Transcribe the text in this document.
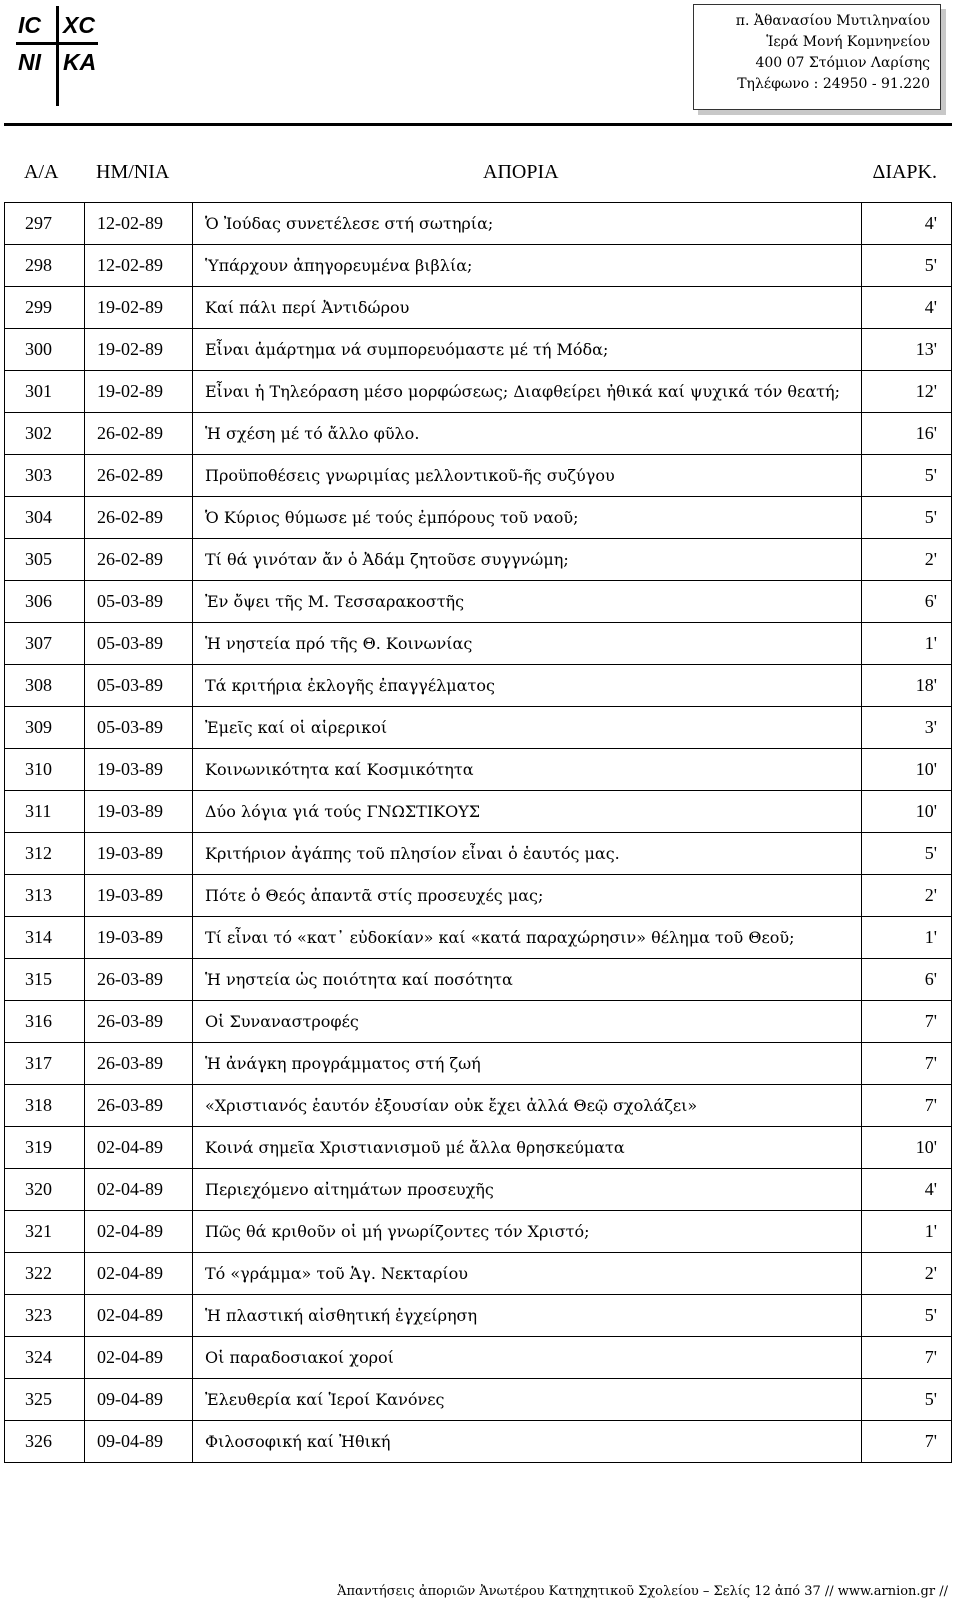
IC XC
NI KA
π. Ἀθανασίου Μυτιληναίου
Ἱερά Μονή Κομνηνείου
400 07 Στόμιον Λαρίσης
Τηλέφωνο : 24950 - 91.220
Α/Α ΗΜ/ΝΙΑ	ΑΠΟΡΙΑ	ΔΙΑΡΚ.
297	12-02-89	Ὁ Ἰούδας συνετέλεσε στή σωτηρία;	4'
298	12-02-89	Ὑπάρχουν ἀπηγορευμένα βιβλία;	5'
299	19-02-89	Καί πάλι περί Ἀντιδώρου	4'
300	19-02-89	Εἶναι ἁμάρτημα νά συμπορευόμαστε μέ τή Μόδα;	13'
301	19-02-89	Εἶναι ἡ Τηλεόραση μέσο μορφώσεως; Διαφθείρει ἠθικά καί ψυχικά τόν θεατή;	12'
302	26-02-89	Ἡ σχέση μέ τό ἄλλο φῦλο.	16'
303	26-02-89	Προϋποθέσεις γνωριμίας μελλοντικοῦ-ῆς συζύγου	5'
304	26-02-89	Ὁ Κύριος θύμωσε μέ τούς ἐμπόρους τοῦ ναοῦ;	5'
305	26-02-89	Τί θά γινόταν ἄν ὁ Ἀδάμ ζητοῦσε συγγνώμη;	2'
306	05-03-89	Ἐν ὄψει τῆς Μ. Τεσσαρακοστῆς	6'
307	05-03-89	Ἡ νηστεία πρό τῆς Θ. Κοινωνίας	1'
308	05-03-89	Τά κριτήρια ἐκλογῆς ἐπαγγέλματος	18'
309	05-03-89	Ἐμεῖς καί οἱ αἱρερικοί	3'
310	19-03-89	Κοινωνικότητα καί Κοσμικότητα	10'
311	19-03-89	Δύο λόγια γιά τούς ΓΝΩΣΤΙΚΟΥΣ	10'
312	19-03-89	Κριτήριον ἀγάπης τοῦ πλησίον εἶναι ὁ ἑαυτός μας.	5'
313	19-03-89	Πότε ὁ Θεός ἀπαντᾶ στίς προσευχές μας;	2'
314	19-03-89	Τί εἶναι τό «κατ᾽ εὐδοκίαν» καί «κατά παραχώρησιν» θέλημα τοῦ Θεοῦ;	1'
315	26-03-89	Ἡ νηστεία ὡς ποιότητα καί ποσότητα	6'
316	26-03-89	Οἱ Συναναστροφές	7'
317	26-03-89	Ἡ ἀνάγκη προγράμματος στή ζωή	7'
318	26-03-89	«Χριστιανός ἑαυτόν ἐξουσίαν οὐκ ἔχει ἀλλά Θεῷ σχολάζει»	7'
319	02-04-89	Κοινά σημεῖα Χριστιανισμοῦ μέ ἄλλα θρησκεύματα	10'
320	02-04-89	Περιεχόμενο αἰτημάτων προσευχῆς	4'
321	02-04-89	Πῶς θά κριθοῦν οἱ μή γνωρίζοντες τόν Χριστό;	1'
322	02-04-89	Τό «γράμμα» τοῦ Ἁγ. Νεκταρίου	2'
323	02-04-89	Ἡ πλαστική αἰσθητική ἐγχείρηση	5'
324	02-04-89	Οἱ παραδοσιακοί χοροί	7'
325	09-04-89	Ἐλευθερία καί Ἱεροί Κανόνες	5'
326	09-04-89	Φιλοσοφική καί Ἠθική	7'
Ἀπαντήσεις ἀποριῶν Ἀνωτέρου Κατηχητικοῦ Σχολείου – Σελίς 12 ἀπό 37 // www.arnion.gr //
